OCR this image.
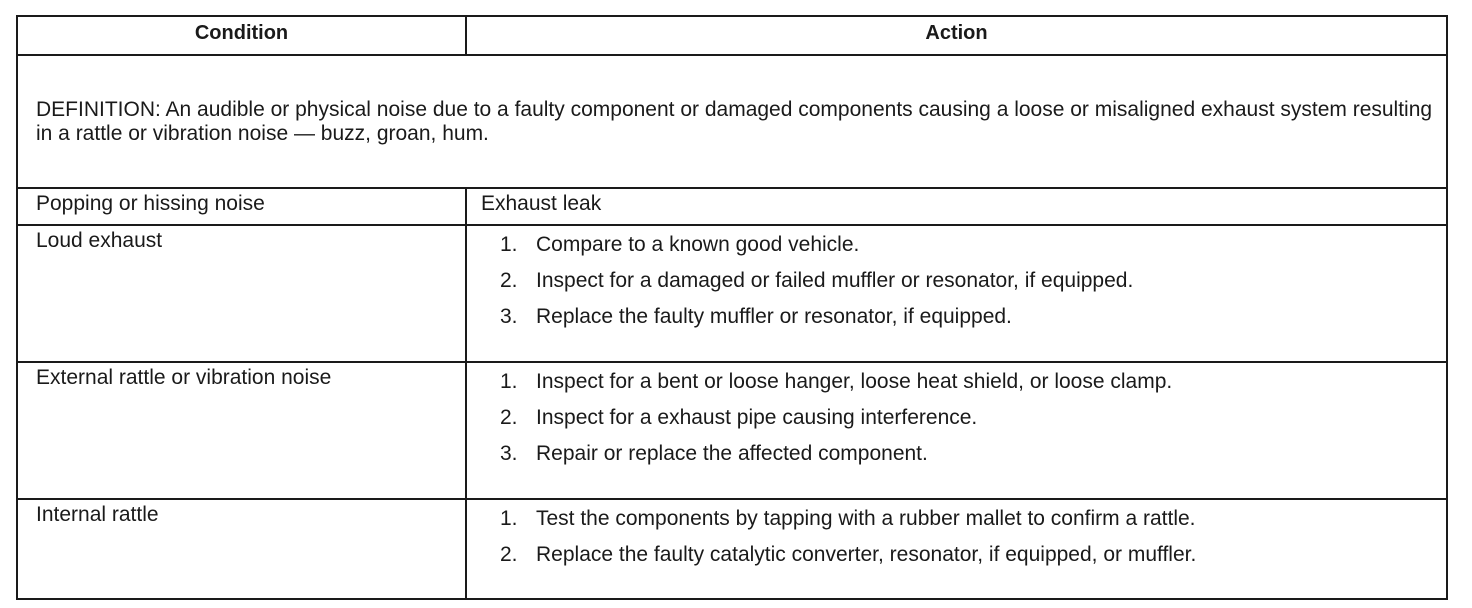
Condition	Action
DEFINITION: An audible or physical noise due to a faulty component or damaged components causing a loose or misaligned exhaust system resulting in a rattle or vibration noise — buzz, groan, hum.
Popping or hissing noise	Exhaust leak
Loud exhaust	1. Compare to a known good vehicle.
2. Inspect for a damaged or failed muffler or resonator, if equipped.
3. Replace the faulty muffler or resonator, if equipped.
External rattle or vibration noise	1. Inspect for a bent or loose hanger, loose heat shield, or loose clamp.
2. Inspect for a exhaust pipe causing interference.
3. Repair or replace the affected component.
Internal rattle	1. Test the components by tapping with a rubber mallet to confirm a rattle.
2. Replace the faulty catalytic converter, resonator, if equipped, or muffler.
